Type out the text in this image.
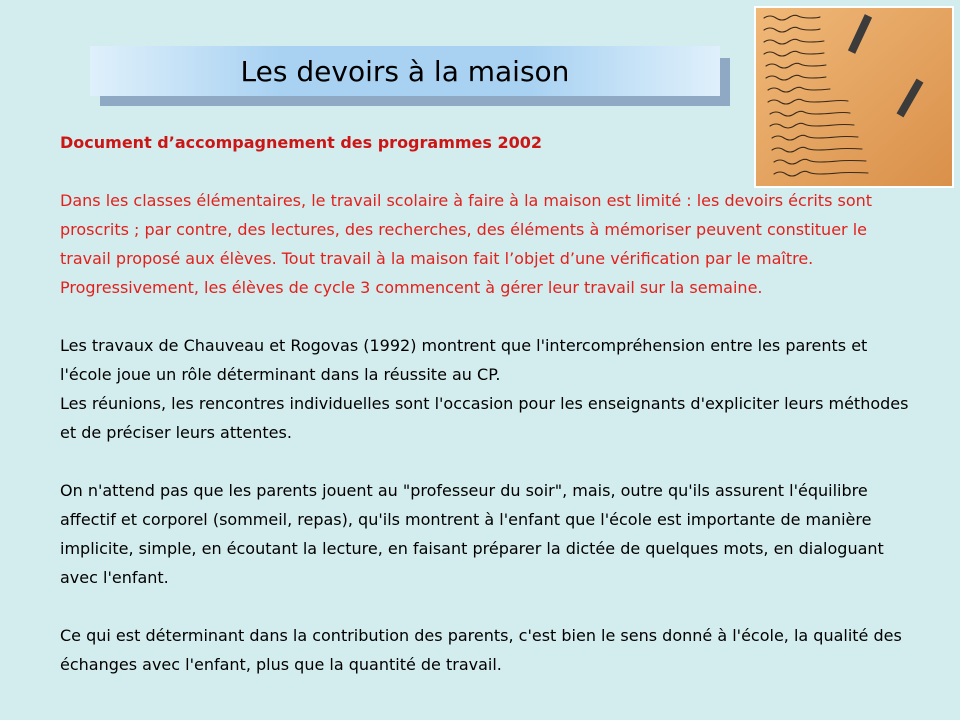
Les devoirs à la maison

Document d’accompagnement des programmes 2002

Dans les classes élémentaires, le travail scolaire à faire à la maison est limité : les devoirs écrits sont proscrits ; par contre, des lectures, des recherches, des éléments à mémoriser peuvent constituer le travail proposé aux élèves. Tout travail à la maison fait l’objet d’une vérification par le maître. Progressivement, les élèves de cycle 3 commencent à gérer leur travail sur la semaine.

Les travaux de Chauveau et Rogovas (1992) montrent que l'intercompréhension entre les parents et l'école joue un rôle déterminant dans la réussite au CP.

Les réunions, les rencontres individuelles sont l'occasion pour les enseignants d'expliciter leurs méthodes et de préciser leurs attentes.

On n'attend pas que les parents jouent au "professeur du soir", mais, outre qu'ils assurent l'équilibre affectif et corporel (sommeil, repas), qu'ils montrent à l'enfant que l'école est importante de manière implicite, simple, en écoutant la lecture, en faisant préparer la dictée de quelques mots, en dialoguant avec l'enfant.

Ce qui est déterminant dans la contribution des parents, c'est bien le sens donné à l'école, la qualité des échanges avec l'enfant, plus que la quantité de travail.
